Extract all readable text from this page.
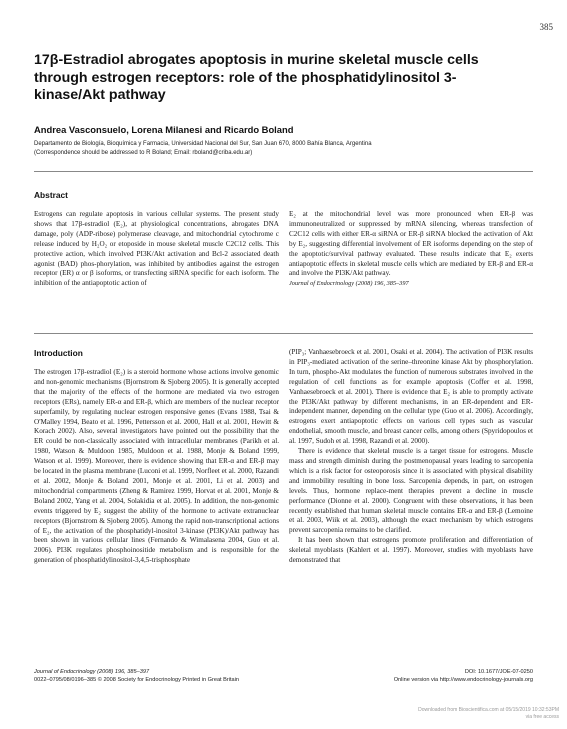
385
17β-Estradiol abrogates apoptosis in murine skeletal muscle cells through estrogen receptors: role of the phosphatidylinositol 3-kinase/Akt pathway
Andrea Vasconsuelo, Lorena Milanesi and Ricardo Boland
Departamento de Biología, Bioquímica y Farmacia, Universidad Nacional del Sur, San Juan 670, 8000 Bahía Blanca, Argentina
(Correspondence should be addressed to R Boland; Email: rboland@criba.edu.ar)
Abstract

Estrogens can regulate apoptosis in various cellular systems. The present study shows that 17β-estradiol (E₂), at physiological concentrations, abrogates DNA damage, poly (ADP-ribose) polymerase cleavage, and mitochondrial cytochrome c release induced by H₂O₂ or etoposide in mouse skeletal muscle C2C12 cells. This protective action, which involved PI3K/Akt activation and Bcl-2 associated death agonist (BAD) phos-phorylation, was inhibited by antibodies against the estrogen receptor (ER) α or β isoforms, or transfecting siRNA specific for each isoform. The inhibition of the antiapoptotic action of

E₂ at the mitochondrial level was more pronounced when ER-β was immunoneutralized or suppressed by mRNA silencing, whereas transfection of C2C12 cells with either ER-α siRNA or ER-β siRNA blocked the activation of Akt by E₂, suggesting differential involvement of ER isoforms depending on the step of the apoptotic/survival pathway evaluated. These results indicate that E₂ exerts antiapoptotic effects in skeletal muscle cells which are mediated by ER-β and ER-α and involve the PI3K/Akt pathway.

Journal of Endocrinology (2008) 196, 385–397
Introduction

The estrogen 17β-estradiol (E₂) is a steroid hormone whose actions involve genomic and non-genomic mechanisms (Bjornstrom & Sjoberg 2005). It is generally accepted that the majority of the effects of the hormone are mediated via two estrogen receptors (ERs), namely ER-α and ER-β, which are members of the nuclear receptor superfamily, by regulating nuclear estrogen responsive genes (Evans 1988, Tsai & O'Malley 1994, Beato et al. 1996, Pettersson et al. 2000, Hall et al. 2001, Hewitt & Korach 2002). Also, several investigators have pointed out the possibility that the ER could be non-classically associated with intracellular membranes (Parikh et al. 1980, Watson & Muldoon 1985, Muldoon et al. 1988, Monje & Boland 1999, Watson et al. 1999). Moreover, there is evidence showing that ER-α and ER-β may be located in the plasma membrane (Luconi et al. 1999, Norfleet et al. 2000, Razandi et al. 2002, Monje & Boland 2001, Monje et al. 2001, Li et al. 2003) and mitochondrial compartments (Zheng & Ramirez 1999, Horvat et al. 2001, Monje & Boland 2002, Yang et al. 2004, Solakidia et al. 2005). In addition, the non-genomic events triggered by E₂ suggest the ability of the hormone to activate extranuclear receptors (Bjornstrom & Sjoberg 2005). Among the rapid non-transcriptional actions of E₂, the activation of the phosphatidyl-inositol 3-kinase (PI3K)/Akt pathway has been shown in various cellular lines (Fernando & Wimalasena 2004, Guo et al. 2006). PI3K regulates phosphoinositide metabolism and is responsible for the generation of phosphatidylinositol-3,4,5-trisphosphate

(PIP₃; Vanhaesebroeck et al. 2001, Osaki et al. 2004). The activation of PI3K results in PIP₃-mediated activation of the serine–threonine kinase Akt by phosphorylation. In turn, phospho-Akt modulates the function of numerous substrates involved in the regulation of cell functions as for example apoptosis (Coffer et al. 1998, Vanhaesebroeck et al. 2001). There is evidence that E₂ is able to promptly activate the PI3K/Akt pathway by different mechanisms, in an ER-dependent and ER-independent manner, depending on the cellular type (Guo et al. 2006). Accordingly, estrogens exert antiapoptotic effects on various cell types such as vascular endothelial, smooth muscle, and breast cancer cells, among others (Spyridopoulos et al. 1997, Sudoh et al. 1998, Razandi et al. 2000).

There is evidence that skeletal muscle is a target tissue for estrogens. Muscle mass and strength diminish during the postmenopausal years leading to sarcopenia which is a risk factor for osteoporosis since it is associated with physical disability and immobility resulting in bone loss. Sarcopenia depends, in part, on estrogen levels. Thus, hormone replace-ment therapies prevent a decline in muscle performance (Dionne et al. 2000). Congruent with these observations, it has been recently established that human skeletal muscle contains ER-α and ER-β (Lemoine et al. 2003, Wiik et al. 2003), although the exact mechanism by which estrogens prevent sarcopenia remains to be clarified.

It has been shown that estrogens promote proliferation and differentiation of skeletal myoblasts (Kahlert et al. 1997). Moreover, studies with myoblasts have demonstrated that

Journal of Endocrinology (2008) 196, 385–397
0022–0795/08/0196–385 © 2008 Society for Endocrinology Printed in Great Britain
DOI: 10.1677/JOE-07-0250
Online version via http://www.endocrinology-journals.org
Downloaded from Bioscientifica.com at 05/15/2019 10:32:53PM
via free access
